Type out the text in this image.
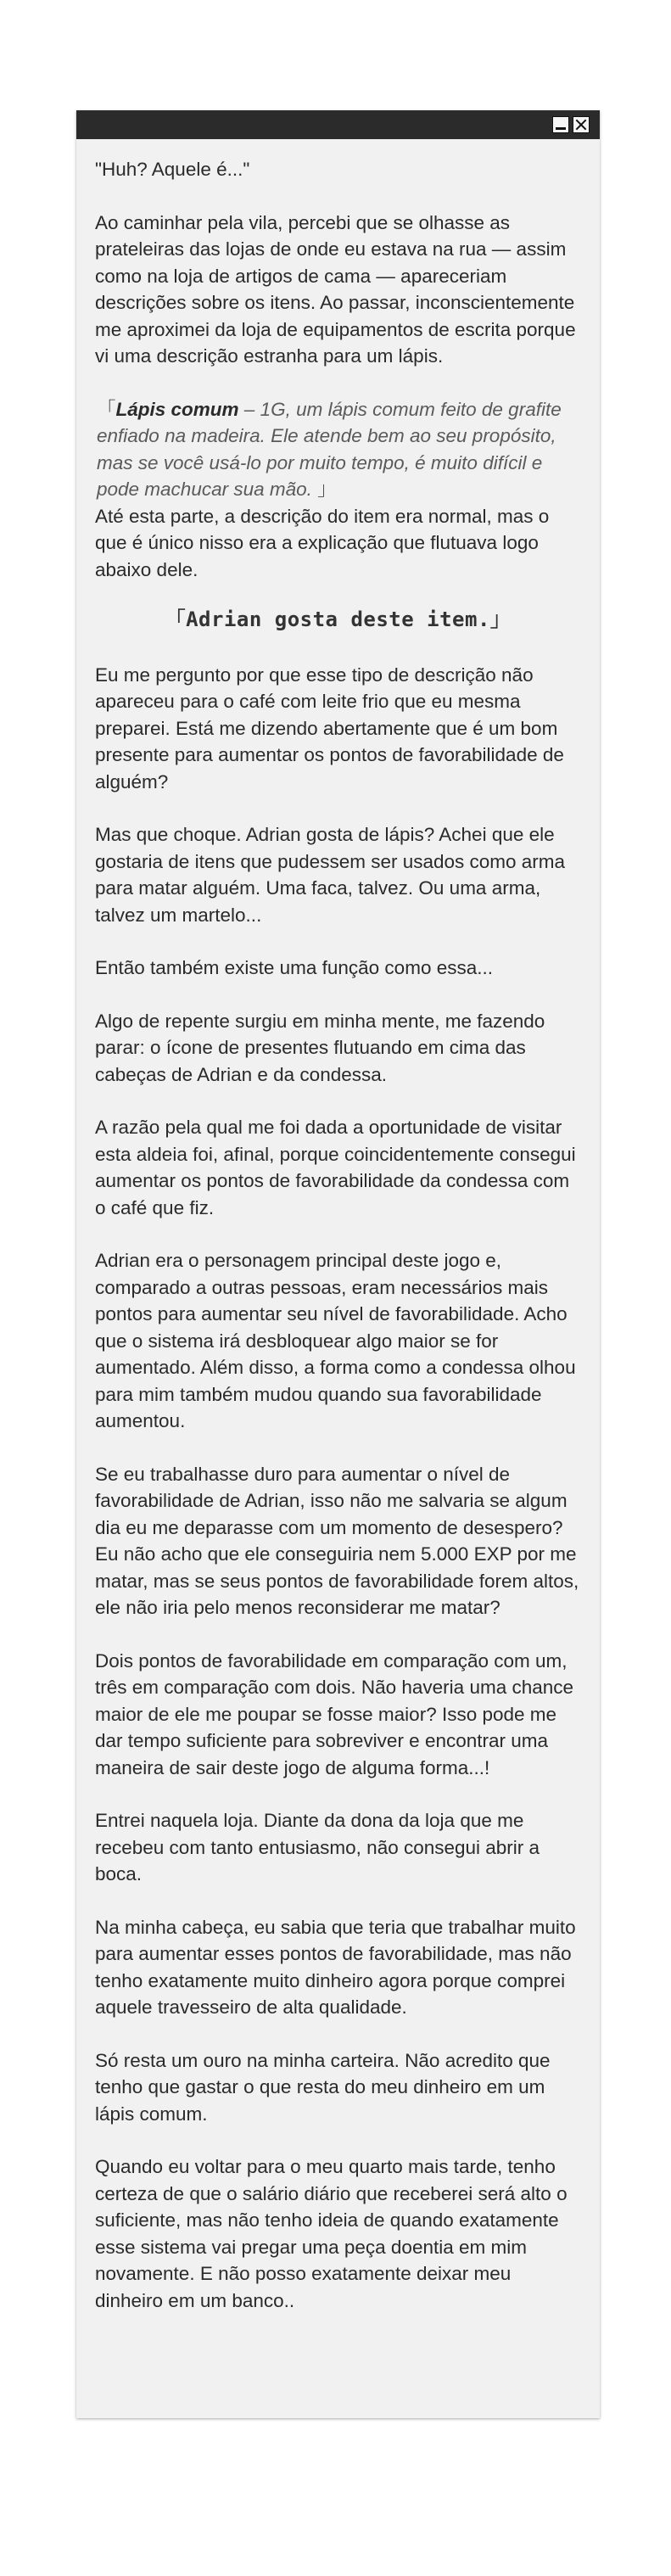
"Huh? Aquele é..."

Ao caminhar pela vila, percebi que se olhasse as prateleiras das lojas de onde eu estava na rua — assim como na loja de artigos de cama — apareceriam descrições sobre os itens. Ao passar, inconscientemente me aproximei da loja de equipamentos de escrita porque vi uma descrição estranha para um lápis.

「Lápis comum – 1G, um lápis comum feito de grafite enfiado na madeira. Ele atende bem ao seu propósito, mas se você usá-lo por muito tempo, é muito difícil e pode machucar sua mão. 」

Até esta parte, a descrição do item era normal, mas o que é único nisso era a explicação que flutuava logo abaixo dele.

「Adrian gosta deste item.」

Eu me pergunto por que esse tipo de descrição não apareceu para o café com leite frio que eu mesma preparei. Está me dizendo abertamente que é um bom presente para aumentar os pontos de favorabilidade de alguém?

Mas que choque. Adrian gosta de lápis? Achei que ele gostaria de itens que pudessem ser usados como arma para matar alguém. Uma faca, talvez. Ou uma arma, talvez um martelo...

Então também existe uma função como essa...

Algo de repente surgiu em minha mente, me fazendo parar: o ícone de presentes flutuando em cima das cabeças de Adrian e da condessa.

A razão pela qual me foi dada a oportunidade de visitar esta aldeia foi, afinal, porque coincidentemente consegui aumentar os pontos de favorabilidade da condessa com o café que fiz.

Adrian era o personagem principal deste jogo e, comparado a outras pessoas, eram necessários mais pontos para aumentar seu nível de favorabilidade. Acho que o sistema irá desbloquear algo maior se for aumentado. Além disso, a forma como a condessa olhou para mim também mudou quando sua favorabilidade aumentou.

Se eu trabalhasse duro para aumentar o nível de favorabilidade de Adrian, isso não me salvaria se algum dia eu me deparasse com um momento de desespero? Eu não acho que ele conseguiria nem 5.000 EXP por me matar, mas se seus pontos de favorabilidade forem altos, ele não iria pelo menos reconsiderar me matar?

Dois pontos de favorabilidade em comparação com um, três em comparação com dois. Não haveria uma chance maior de ele me poupar se fosse maior? Isso pode me dar tempo suficiente para sobreviver e encontrar uma maneira de sair deste jogo de alguma forma...!

Entrei naquela loja. Diante da dona da loja que me recebeu com tanto entusiasmo, não consegui abrir a boca.

Na minha cabeça, eu sabia que teria que trabalhar muito para aumentar esses pontos de favorabilidade, mas não tenho exatamente muito dinheiro agora porque comprei aquele travesseiro de alta qualidade.

Só resta um ouro na minha carteira. Não acredito que tenho que gastar o que resta do meu dinheiro em um lápis comum.

Quando eu voltar para o meu quarto mais tarde, tenho certeza de que o salário diário que receberei será alto o suficiente, mas não tenho ideia de quando exatamente esse sistema vai pregar uma peça doentia em mim novamente. E não posso exatamente deixar meu dinheiro em um banco..
